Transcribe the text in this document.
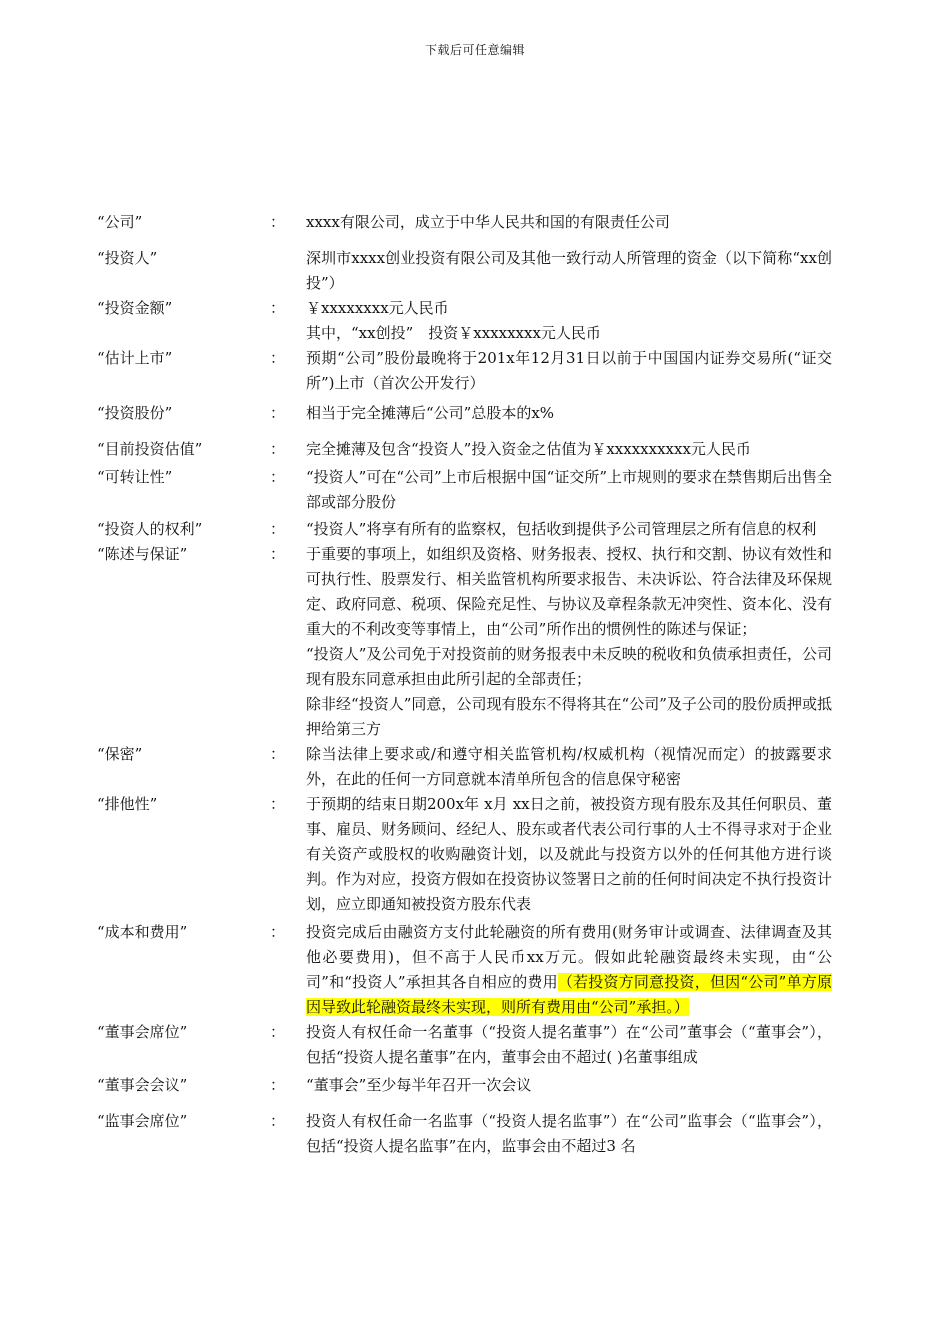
下载后可任意编辑
“公司”	： xxxx有限公司，成立于中华人民共和国的有限责任公司

“投资人”	深圳市xxxx创业投资有限公司及其他一致行动人所管理的资金（以下简称“xx创投”）

“投资金额”	： ￥xxxxxxxx元人民币

其中，“xx创投”　投资￥xxxxxxxx元人民币

“估计上市”	： 预期“公司”股份最晚将于201x年12月31日以前于中国国内证券交易所(“证交所”)上市（首次公开发行）

“投资股份”	： 相当于完全摊薄后“公司”总股本的x%

“目前投资估值”	： 完全摊薄及包含“投资人”投入资金之估值为￥xxxxxxxxxx元人民币

“可转让性”	： “投资人”可在“公司”上市后根据中国“证交所”上市规则的要求在禁售期后出售全部或部分股份

“投资人的权利”	： “投资人”将享有所有的监察权，包括收到提供予公司管理层之所有信息的权利

“陈述与保证”	： 于重要的事项上，如组织及资格、财务报表、授权、执行和交割、协议有效性和可执行性、股票发行、相关监管机构所要求报告、未决诉讼、符合法律及环保规定、政府同意、税项、保险充足性、与协议及章程条款无冲突性、资本化、没有重大的不利改变等事情上，由“公司”所作出的惯例性的陈述与保证；

“投资人”及公司免于对投资前的财务报表中未反映的税收和负债承担责任，公司现有股东同意承担由此所引起的全部责任；

除非经“投资人”同意，公司现有股东不得将其在“公司”及子公司的股份质押或抵押给第三方

“保密”	： 除当法律上要求或/和遵守相关监管机构/权威机构（视情况而定）的披露要求外，在此的任何一方同意就本清单所包含的信息保守秘密

“排他性”	： 于预期的结束日期200x年 x月 xx日之前，被投资方现有股东及其任何职员、董事、雇员、财务顾问、经纪人、股东或者代表公司行事的人士不得寻求对于企业有关资产或股权的收购融资计划，以及就此与投资方以外的任何其他方进行谈判。作为对应，投资方假如在投资协议签署日之前的任何时间决定不执行投资计划，应立即通知被投资方股东代表

“成本和费用”	： 投资完成后由融资方支付此轮融资的所有费用(财务审计或调查、法律调查及其他必要费用)，但不高于人民币xx万元。假如此轮融资最终未实现，由“公司”和“投资人”承担其各自相应的费用（若投资方同意投资，但因“公司”单方原因导致此轮融资最终未实现，则所有费用由“公司”承担。）

“董事会席位”	： 投资人有权任命一名董事（“投资人提名董事”）在“公司”董事会（“董事会”），包括“投资人提名董事”在内，董事会由不超过( )名董事组成

“董事会会议”	： “董事会”至少每半年召开一次会议

“监事会席位”	： 投资人有权任命一名监事（“投资人提名监事”）在“公司”监事会（“监事会”），包括“投资人提名监事”在内，监事会由不超过3 名
